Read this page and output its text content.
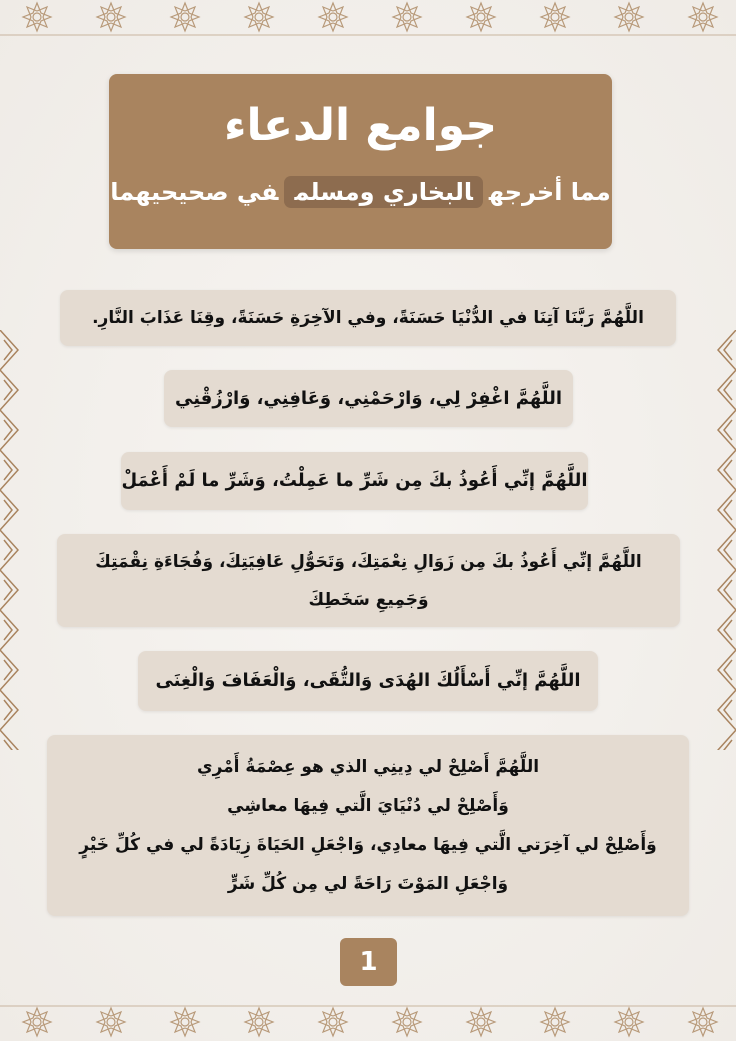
جوامع الدعاء
مما أخرجهالبخاري ومسلمفي صحيحيهما
اللَّهُمَّ رَبَّنَا آتِنَا في الدُّنْيَا حَسَنَةً، وفي الآخِرَةِ حَسَنَةً، وقِنَا عَذَابَ النَّارِ.
اللَّهُمَّ اغْفِرْ لِي، وَارْحَمْنِي، وَعَافِنِي، وَارْزُقْنِي
اللَّهُمَّ إنِّي أَعُوذُ بكَ مِن شَرِّ ما عَمِلْتُ، وَشَرِّ ما لَمْ أَعْمَلْ
اللَّهُمَّ إنِّي أَعُوذُ بكَ مِن زَوَالِ نِعْمَتِكَ، وَتَحَوُّلِ عَافِيَتِكَ، وَفُجَاءَةِ نِقْمَتِكَ
وَجَمِيعِ سَخَطِكَ
اللَّهُمَّ إنِّي أَسْأَلُكَ الهُدَى وَالتُّقَى، وَالْعَفَافَ وَالْغِنَى
اللَّهُمَّ أَصْلِحْ لي دِينِي الذي هو عِصْمَةُ أَمْرِي
وَأَصْلِحْ لي دُنْيَايَ الَّتي فِيهَا معاشِي
وَأَصْلِحْ لي آخِرَتي الَّتي فِيهَا معادِي، وَاجْعَلِ الحَيَاةَ زِيَادَةً لي في كُلِّ خَيْرٍ
وَاجْعَلِ المَوْتَ رَاحَةً لي مِن كُلِّ شَرٍّ
1
